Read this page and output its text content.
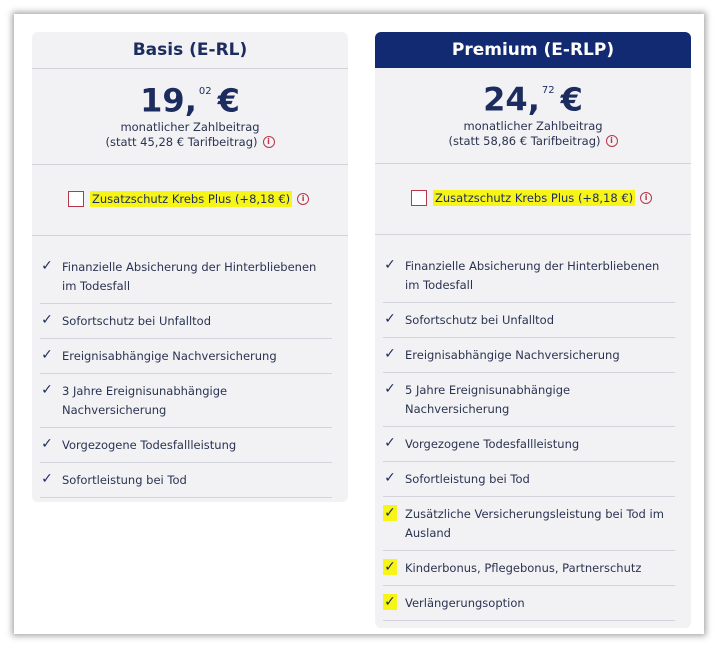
Basis (E-RL)
19, $^{02}$ €
monatlicher Zahlbeitrag
(statt 45,28 € Tarifbeitrag) i
Zusatzschutz Krebs Plus (+8,18 €)	i
✓ Finanzielle Absicherung der Hinterbliebenen im Todesfall
✓ Sofortschutz bei Unfalltod
✓ Ereignisabhängige Nachversicherung
✓ 3 Jahre Ereignisunabhängige Nachversicherung
✓ Vorgezogene Todesfallleistung
✓ Sofortleistung bei Tod
Premium (E-RLP)
24, $^{72}$ €
monatlicher Zahlbeitrag
(statt 58,86 € Tarifbeitrag) i
Zusatzschutz Krebs Plus (+8,18 €)	i
✓ Finanzielle Absicherung der Hinterbliebenen im Todesfall
✓ Sofortschutz bei Unfalltod
✓ Ereignisabhängige Nachversicherung
✓ 5 Jahre Ereignisunabhängige Nachversicherung
✓ Vorgezogene Todesfallleistung
✓ Sofortleistung bei Tod
✓ Zusätzliche Versicherungsleistung bei Tod im Ausland
✓ Kinderbonus, Pflegebonus, Partnerschutz
✓ Verlängerungsoption
